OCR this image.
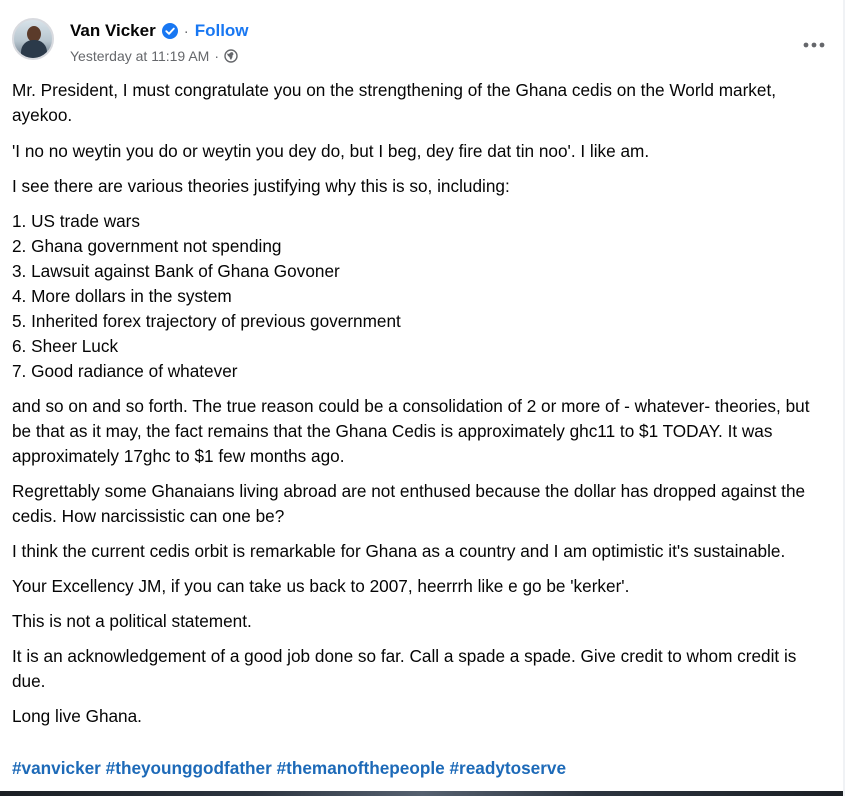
Van Vicker · Follow
Yesterday at 11:19 AM ·

Mr. President, I must congratulate you on the strengthening of the Ghana cedis on the World market, ayekoo.

'I no no weytin you do or weytin you dey do, but I beg, dey fire dat tin noo'. I like am.

I see there are various theories justifying why this is so, including:

1. US trade wars
2. Ghana government not spending
3. Lawsuit against Bank of Ghana Govoner
4. More dollars in the system
5. Inherited forex trajectory of previous government
6. Sheer Luck
7. Good radiance of whatever

and so on and so forth. The true reason could be a consolidation of 2 or more of - whatever- theories, but be that as it may, the fact remains that the Ghana Cedis is approximately ghc11 to $1 TODAY. It was approximately 17ghc to $1 few months ago.

Regrettably some Ghanaians living abroad are not enthused because the dollar has dropped against the cedis. How narcissistic can one be?

I think the current cedis orbit is remarkable for Ghana as a country and I am optimistic it's sustainable.

Your Excellency JM, if you can take us back to 2007, heerrrh like e go be 'kerker'.

This is not a political statement.

It is an acknowledgement of a good job done so far. Call a spade a spade. Give credit to whom credit is due.

Long live Ghana.

#vanvicker #theyounggodfather #themanofthepeople #readytoserve
